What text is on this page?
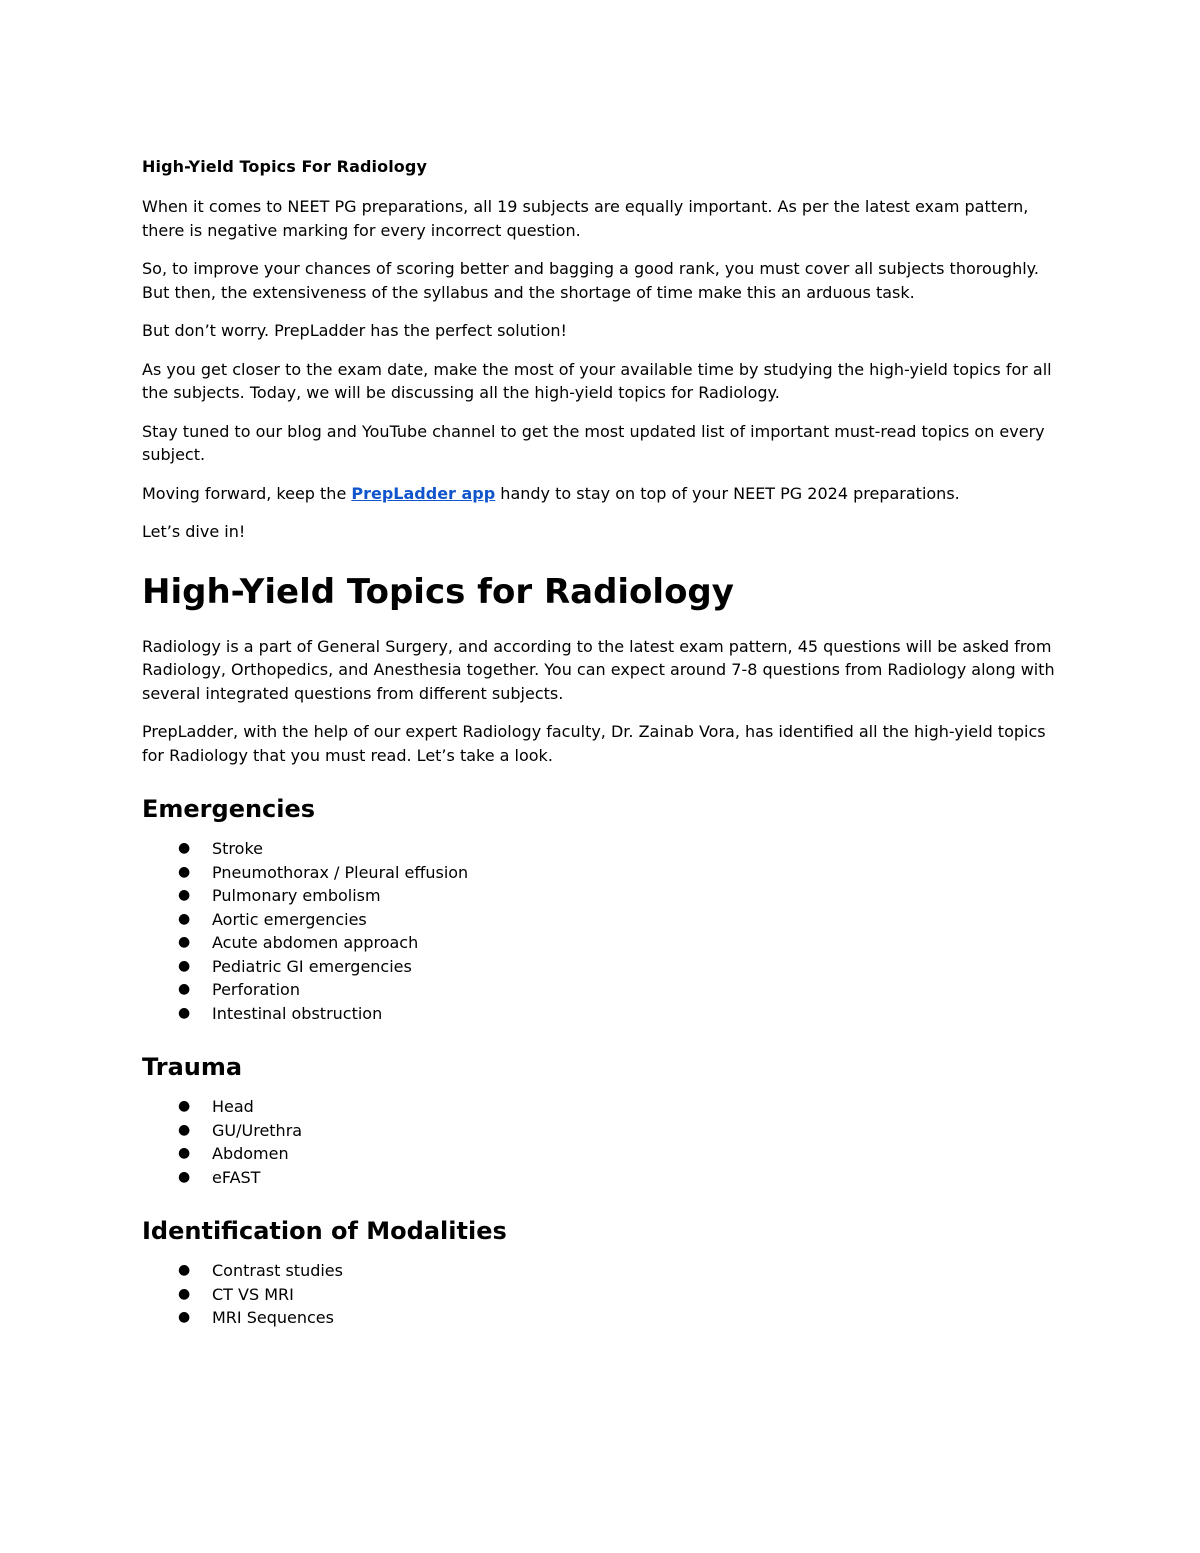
High-Yield Topics For Radiology

When it comes to NEET PG preparations, all 19 subjects are equally important. As per the latest exam pattern, there is negative marking for every incorrect question.

So, to improve your chances of scoring better and bagging a good rank, you must cover all subjects thoroughly. But then, the extensiveness of the syllabus and the shortage of time make this an arduous task.

But don’t worry. PrepLadder has the perfect solution!

As you get closer to the exam date, make the most of your available time by studying the high-yield topics for all the subjects. Today, we will be discussing all the high-yield topics for Radiology.

Stay tuned to our blog and YouTube channel to get the most updated list of important must-read topics on every subject.

Moving forward, keep the PrepLadder app handy to stay on top of your NEET PG 2024 preparations.

Let’s dive in!

High-Yield Topics for Radiology

Radiology is a part of General Surgery, and according to the latest exam pattern, 45 questions will be asked from Radiology, Orthopedics, and Anesthesia together. You can expect around 7-8 questions from Radiology along with several integrated questions from different subjects.

PrepLadder, with the help of our expert Radiology faculty, Dr. Zainab Vora, has identified all the high-yield topics for Radiology that you must read. Let’s take a look.

Emergencies
● Stroke
● Pneumothorax / Pleural effusion
● Pulmonary embolism
● Aortic emergencies
● Acute abdomen approach
● Pediatric GI emergencies
● Perforation
● Intestinal obstruction
Trauma
● Head
● GU/Urethra
● Abdomen
● eFAST
Identification of Modalities
● Contrast studies
● CT VS MRI
● MRI Sequences
